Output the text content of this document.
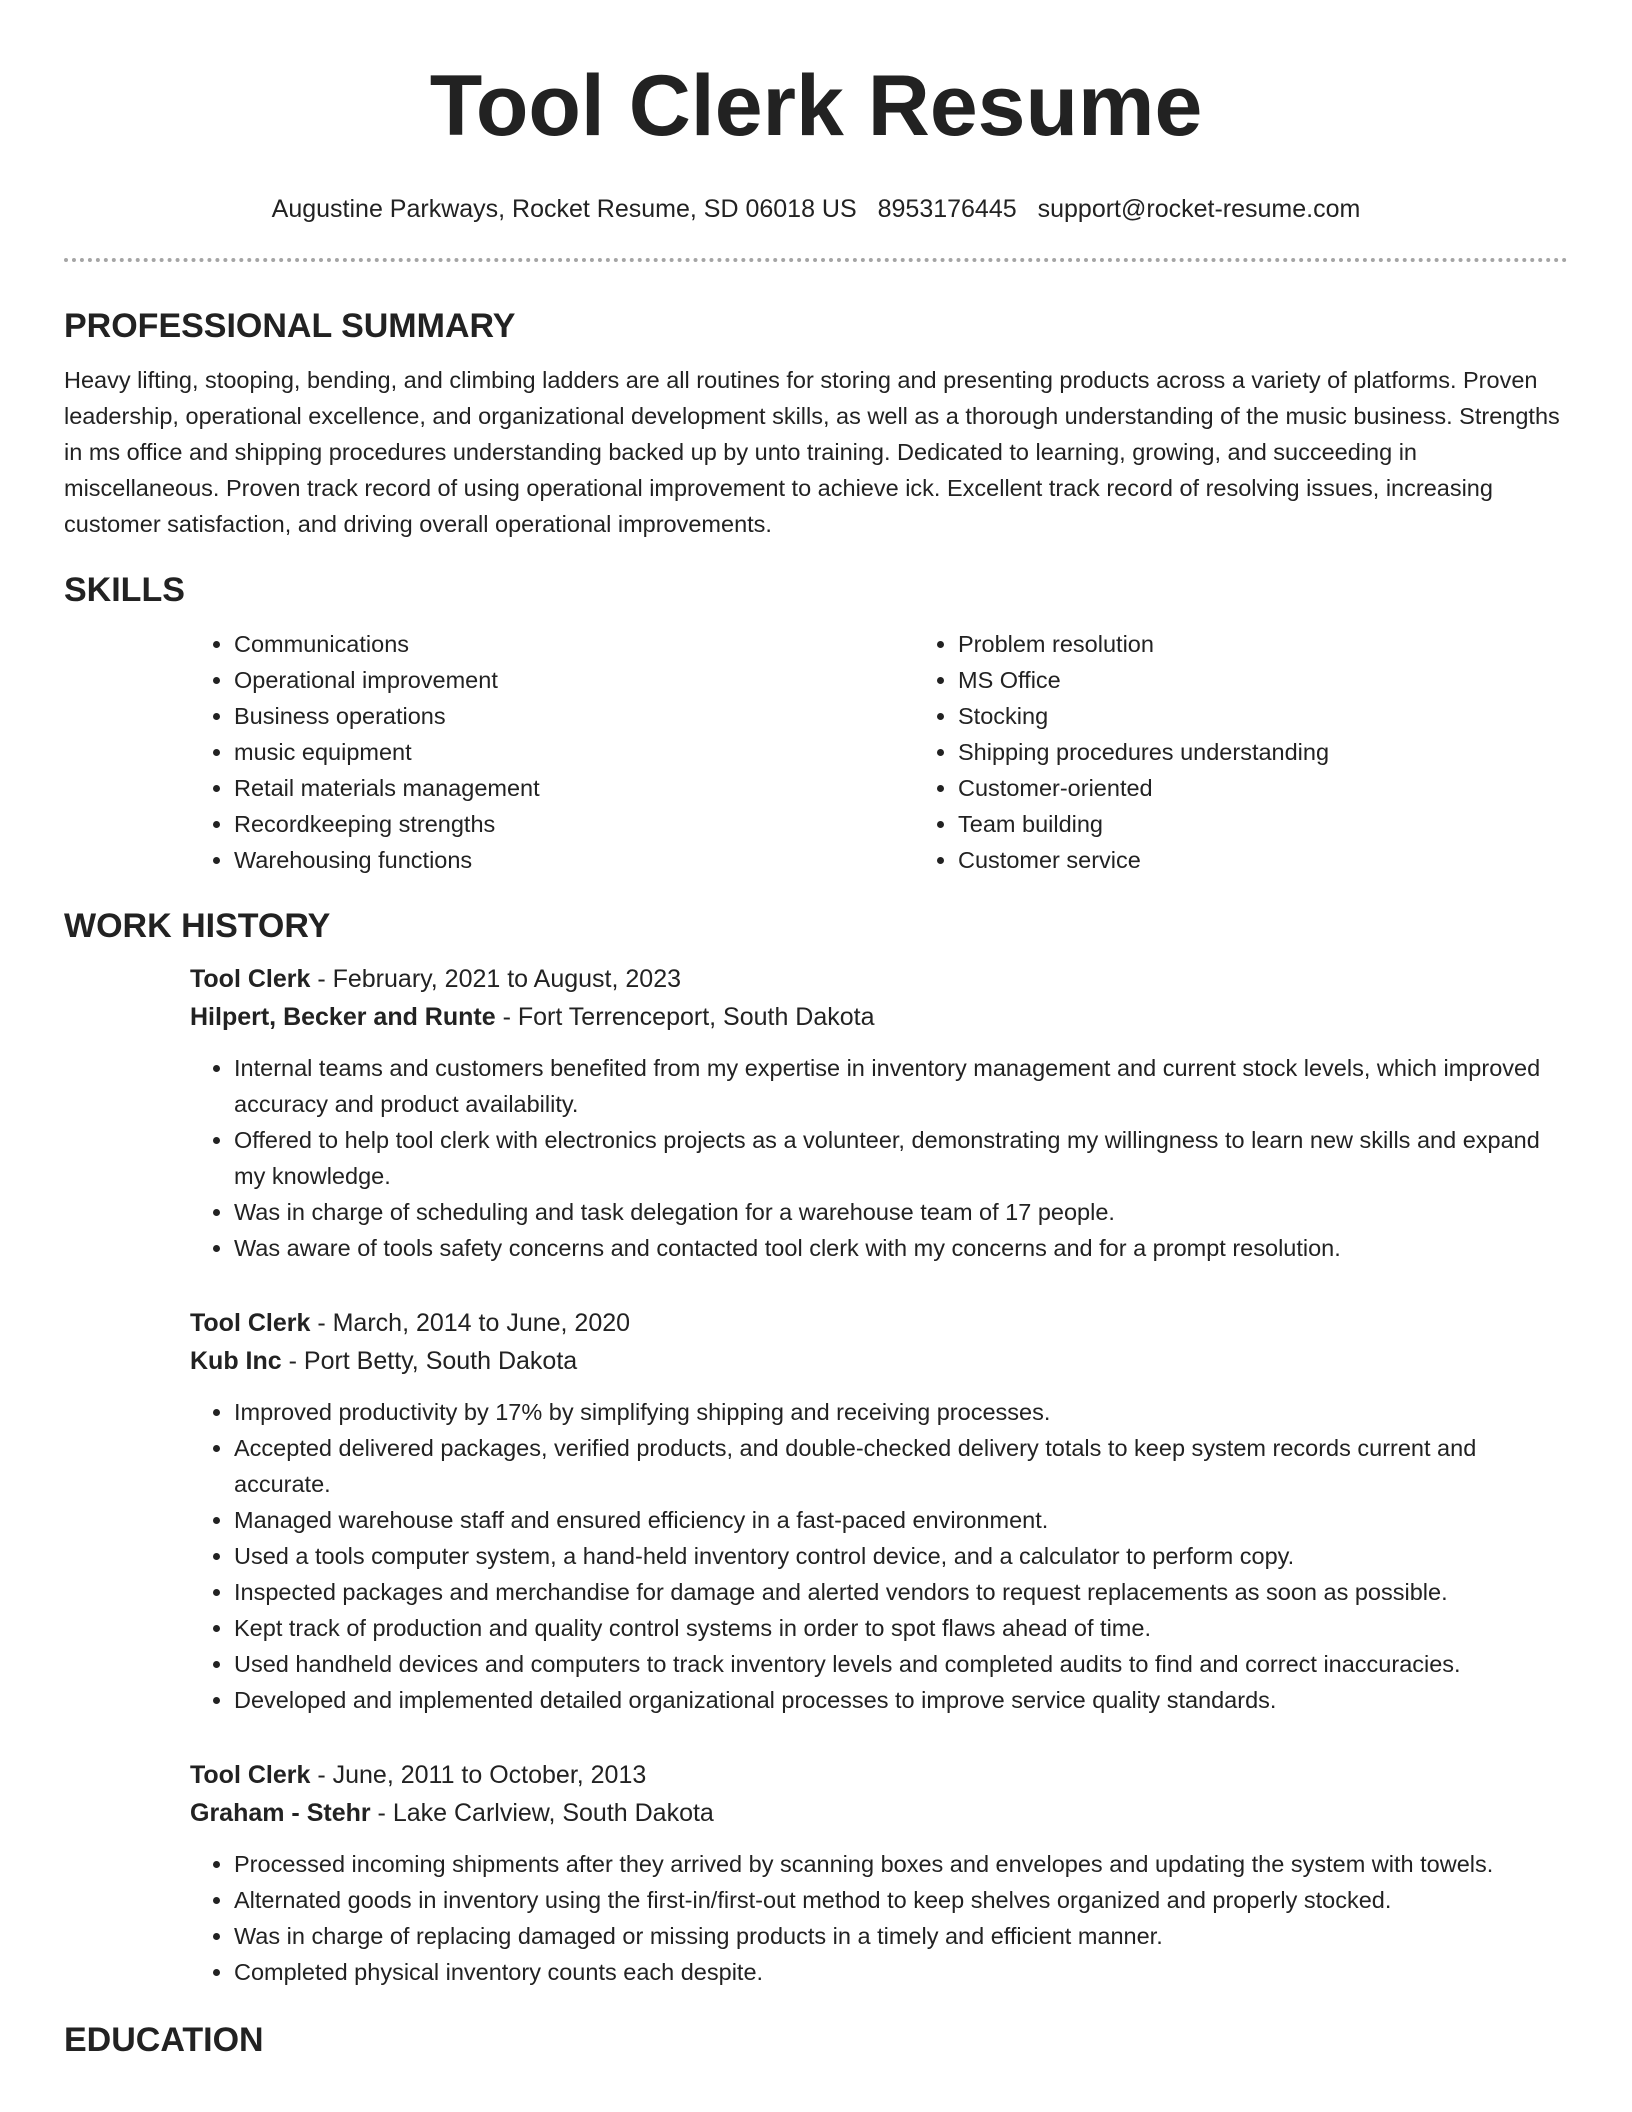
Tool Clerk Resume
Augustine Parkways, Rocket Resume, SD 06018 US 8953176445 support@rocket-resume.com
PROFESSIONAL SUMMARY

Heavy lifting, stooping, bending, and climbing ladders are all routines for storing and presenting products across a variety of platforms. Proven leadership, operational excellence, and organizational development skills, as well as a thorough understanding of the music business. Strengths in ms office and shipping procedures understanding backed up by unto training. Dedicated to learning, growing, and succeeding in miscellaneous. Proven track record of using operational improvement to achieve ick. Excellent track record of resolving issues, increasing customer satisfaction, and driving overall operational improvements.

SKILLS
• Communications
• Operational improvement
• Business operations
• music equipment
• Retail materials management
• Recordkeeping strengths
• Warehousing functions
• Problem resolution
• MS Office
• Stocking
• Shipping procedures understanding
• Customer-oriented
• Team building
• Customer service
WORK HISTORY

Tool Clerk - February, 2021 to August, 2023

Hilpert, Becker and Runte - Fort Terrenceport, South Dakota

• Internal teams and customers benefited from my expertise in inventory management and current stock levels, which improved accuracy and product availability.
• Offered to help tool clerk with electronics projects as a volunteer, demonstrating my willingness to learn new skills and expand my knowledge.
• Was in charge of scheduling and task delegation for a warehouse team of 17 people.
• Was aware of tools safety concerns and contacted tool clerk with my concerns and for a prompt resolution.

Tool Clerk - March, 2014 to June, 2020

Kub Inc - Port Betty, South Dakota

• Improved productivity by 17% by simplifying shipping and receiving processes.
• Accepted delivered packages, verified products, and double-checked delivery totals to keep system records current and accurate.
• Managed warehouse staff and ensured efficiency in a fast-paced environment.
• Used a tools computer system, a hand-held inventory control device, and a calculator to perform copy.
• Inspected packages and merchandise for damage and alerted vendors to request replacements as soon as possible.
• Kept track of production and quality control systems in order to spot flaws ahead of time.
• Used handheld devices and computers to track inventory levels and completed audits to find and correct inaccuracies.
• Developed and implemented detailed organizational processes to improve service quality standards.

Tool Clerk - June, 2011 to October, 2013

Graham - Stehr - Lake Carlview, South Dakota

• Processed incoming shipments after they arrived by scanning boxes and envelopes and updating the system with towels.
• Alternated goods in inventory using the first-in/first-out method to keep shelves organized and properly stocked.
• Was in charge of replacing damaged or missing products in a timely and efficient manner.
• Completed physical inventory counts each despite.
EDUCATION
